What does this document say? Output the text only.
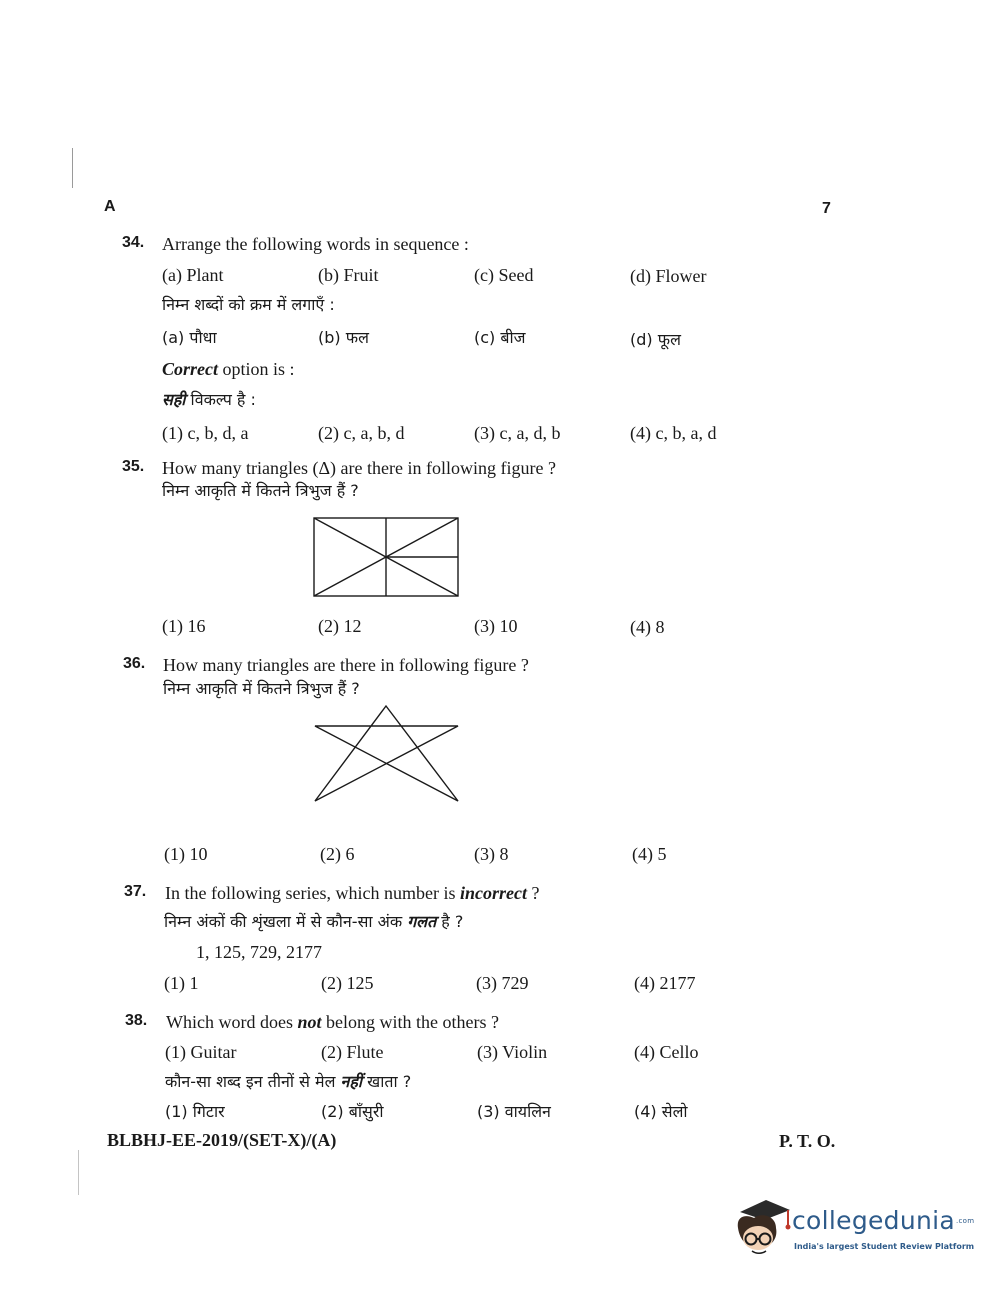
A	7
34. Arrange the following words in sequence :
(a) Plant	(b) Fruit	(c) Seed	(d) Flower
निम्न शब्दों को क्रम में लगाएँ :
(a) पौधा	(b) फल	(c) बीज	(d) फूल
Correct option is :
सही विकल्प है :
(1) c, b, d, a	(2) c, a, b, d	(3) c, a, d, b	(4) c, b, a, d
35. How many triangles (Δ) are there in following figure ?
निम्न आकृति में कितने त्रिभुज हैं ?
(1) 16	(2) 12	(3) 10	(4) 8
36. How many triangles are there in following figure ?
निम्न आकृति में कितने त्रिभुज हैं ?
(1) 10	(2) 6	(3) 8	(4) 5
37. In the following series, which number is incorrect ?
निम्न अंकों की शृंखला में से कौन-सा अंक गलत है ?
1, 125, 729, 2177
(1) 1	(2) 125	(3) 729	(4) 2177
38. Which word does not belong with the others ?
(1) Guitar	(2) Flute	(3) Violin	(4) Cello
कौन-सा शब्द इन तीनों से मेल नहीं खाता ?
(1) गिटार	(2) बाँसुरी	(3) वायलिन	(4) सेलो
BLBHJ-EE-2019/(SET-X)/(A)	P. T. O.
collegedunia$^{.com}$
India's largest Student Review Platform
